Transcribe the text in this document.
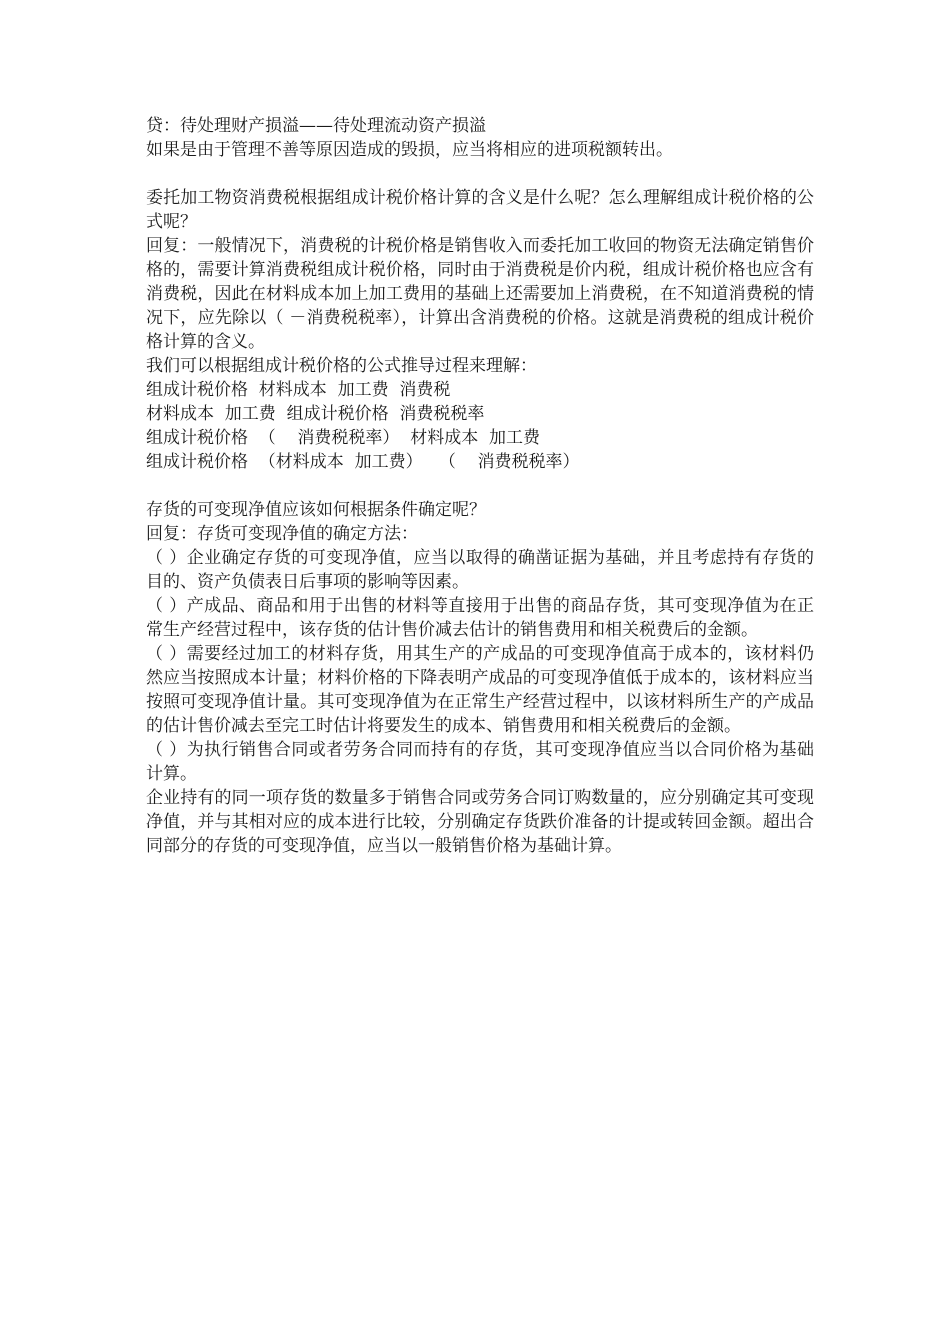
贷：待处理财产损溢——待处理流动资产损溢

如果是由于管理不善等原因造成的毁损，应当将相应的进项税额转出。

委托加工物资消费税根据组成计税价格计算的含义是什么呢？怎么理解组成计税价格的公式呢？

回复：一般情况下，消费税的计税价格是销售收入而委托加工收回的物资无法确定销售价格的，需要计算消费税组成计税价格，同时由于消费税是价内税，组成计税价格也应含有消费税，因此在材料成本加上加工费用的基础上还需要加上消费税，在不知道消费税的情况下，应先除以（ －消费税税率），计算出含消费税的价格。这就是消费税的组成计税价格计算的含义。

我们可以根据组成计税价格的公式推导过程来理解：

组成计税价格  材料成本  加工费  消费税

材料成本  加工费  组成计税价格  消费税税率

组成计税价格  （    消费税税率）  材料成本  加工费

组成计税价格  （材料成本  加工费）   （    消费税税率）

存货的可变现净值应该如何根据条件确定呢？

回复：存货可变现净值的确定方法：

（ ）企业确定存货的可变现净值，应当以取得的确凿证据为基础，并且考虑持有存货的目的、资产负债表日后事项的影响等因素。

（ ）产成品、商品和用于出售的材料等直接用于出售的商品存货，其可变现净值为在正常生产经营过程中，该存货的估计售价减去估计的销售费用和相关税费后的金额。

（ ）需要经过加工的材料存货，用其生产的产成品的可变现净值高于成本的，该材料仍然应当按照成本计量；材料价格的下降表明产成品的可变现净值低于成本的，该材料应当按照可变现净值计量。其可变现净值为在正常生产经营过程中，以该材料所生产的产成品的估计售价减去至完工时估计将要发生的成本、销售费用和相关税费后的金额。

（ ）为执行销售合同或者劳务合同而持有的存货，其可变现净值应当以合同价格为基础计算。

企业持有的同一项存货的数量多于销售合同或劳务合同订购数量的，应分别确定其可变现净值，并与其相对应的成本进行比较，分别确定存货跌价准备的计提或转回金额。超出合同部分的存货的可变现净值，应当以一般销售价格为基础计算。
